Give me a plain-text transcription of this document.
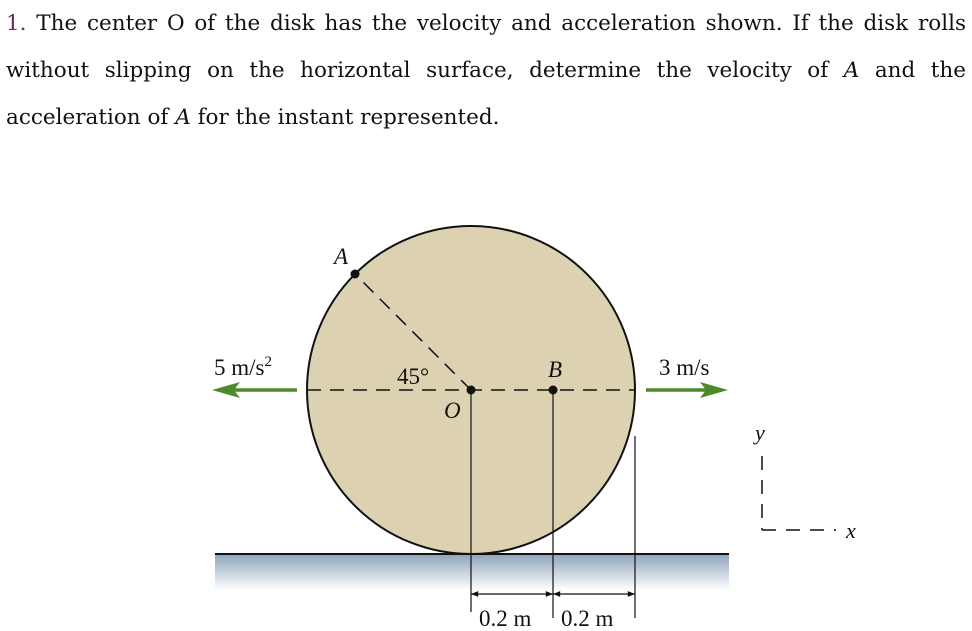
1. The center O of the disk has the velocity and acceleration shown. If the disk rolls without slipping on the horizontal surface, determine the velocity of A and the acceleration of A for the instant represented.
A
B
O
45°
5 $m/s^2$	3 m/s
0.2 m 0.2 m
y
x
